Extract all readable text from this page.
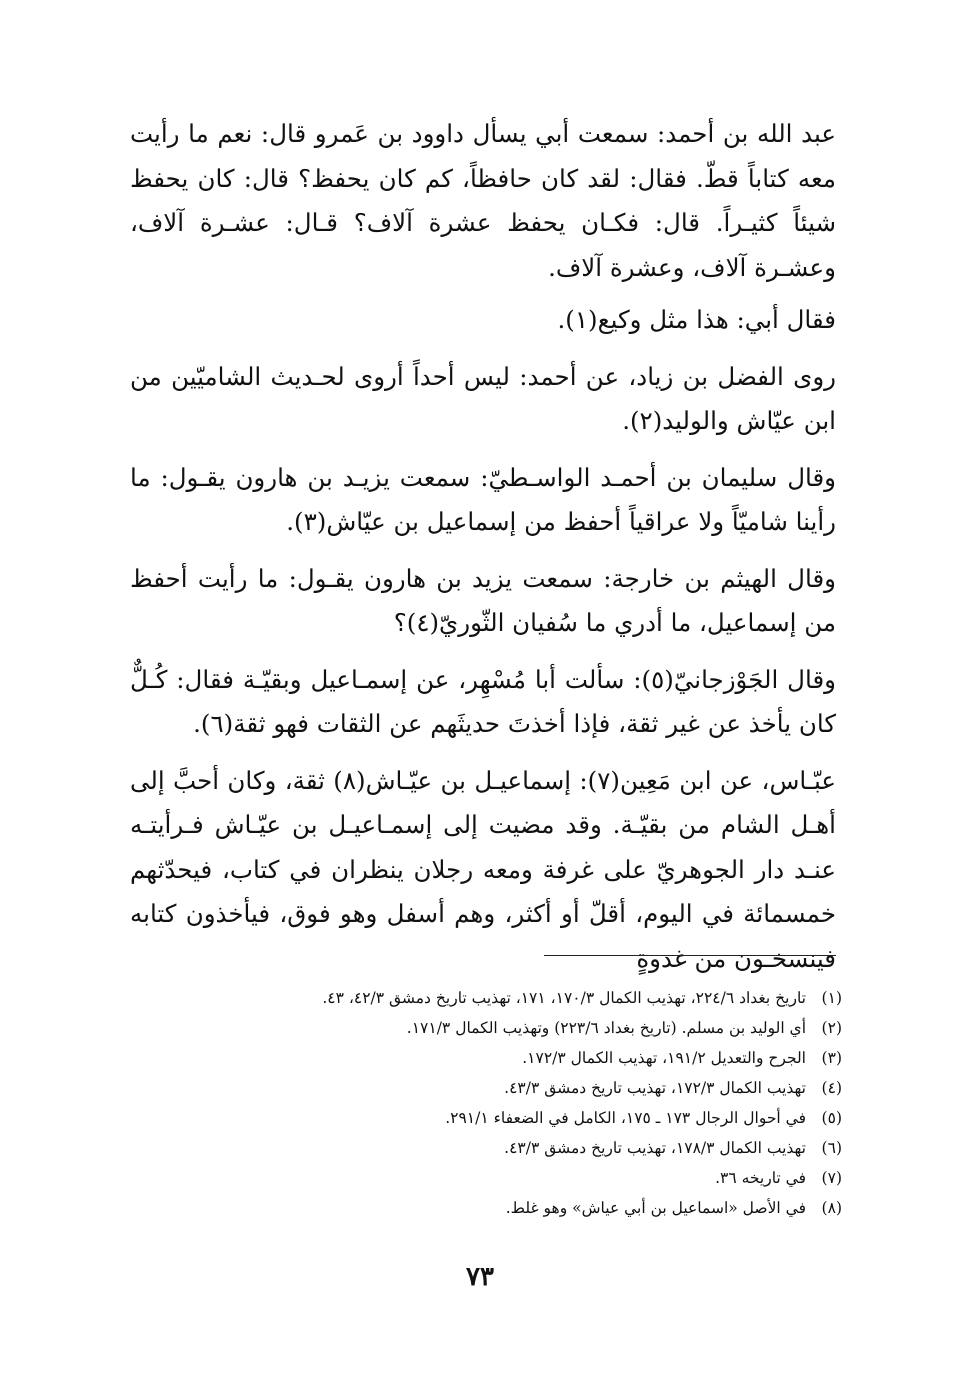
عبد الله بن أحمد: سمعت أبي يسأل داوود بن عَمرو قال: نعم ما رأيت معه كتاباً قطّ. فقال: لقد كان حافظاً، كم كان يحفظ؟ قال: كان يحفظ شيئاً كثيـراً. قال: فكـان يحفظ عشرة آلاف؟ قـال: عشـرة آلاف، وعشـرة آلاف، وعشرة آلاف.

فقال أبي: هذا مثل وكيع(١).

روى الفضل بن زياد، عن أحمد: ليس أحداً أروى لحـديث الشاميّين من ابن عيّاش والوليد(٢).

وقال سليمان بن أحمـد الواسـطيّ: سمعت يزيـد بن هارون يقـول: ما رأينا شاميّاً ولا عراقياً أحفظ من إسماعيل بن عيّاش(٣).

وقال الهيثم بن خارجة: سمعت يزيد بن هارون يقـول: ما رأيت أحفظ من إسماعيل، ما أدري ما سُفيان الثّوريّ(٤)؟

وقال الجَوْزجانيّ(٥): سألت أبا مُسْهِر، عن إسمـاعيل وبقيّـة فقال: كُـلٌّ كان يأخذ عن غير ثقة، فإذا أخذتَ حديثَهم عن الثقات فهو ثقة(٦).

عبّـاس، عن ابن مَعِين(٧): إسماعيـل بن عيّـاش(٨) ثقة، وكان أحبَّ إلى أهـل الشام من بقيّـة. وقد مضيت إلى إسمـاعيـل بن عيّـاش فـرأيتـه عنـد دار الجوهريّ على غرفة ومعه رجلان ينظران في كتاب، فيحدّثهم خمسمائة في اليوم، أقلّ أو أكثر، وهم أسفل وهو فوق، فيأخذون كتابه فينسخـون من غدوةٍ

(١)
تاريخ بغداد ٢٢٤/٦، تهذيب الكمال ١٧٠/٣، ١٧١، تهذيب تاريخ دمشق ٤٢/٣، ٤٣.
(٢)
أي الوليد بن مسلم. (تاريخ بغداد ٢٢٣/٦) وتهذيب الكمال ١٧١/٣.
(٣)
الجرح والتعديل ١٩١/٢، تهذيب الكمال ١٧٢/٣.
(٤)
تهذيب الكمال ١٧٢/٣، تهذيب تاريخ دمشق ٤٣/٣.
(٥)
في أحوال الرجال ١٧٣ ـ ١٧٥، الكامل في الضعفاء ٢٩١/١.
(٦)
تهذيب الكمال ١٧٨/٣، تهذيب تاريخ دمشق ٤٣/٣.
(٧)
في تاريخه ٣٦.
(٨)
في الأصل «اسماعيل بن أبي عياش» وهو غلط.
٧٣
